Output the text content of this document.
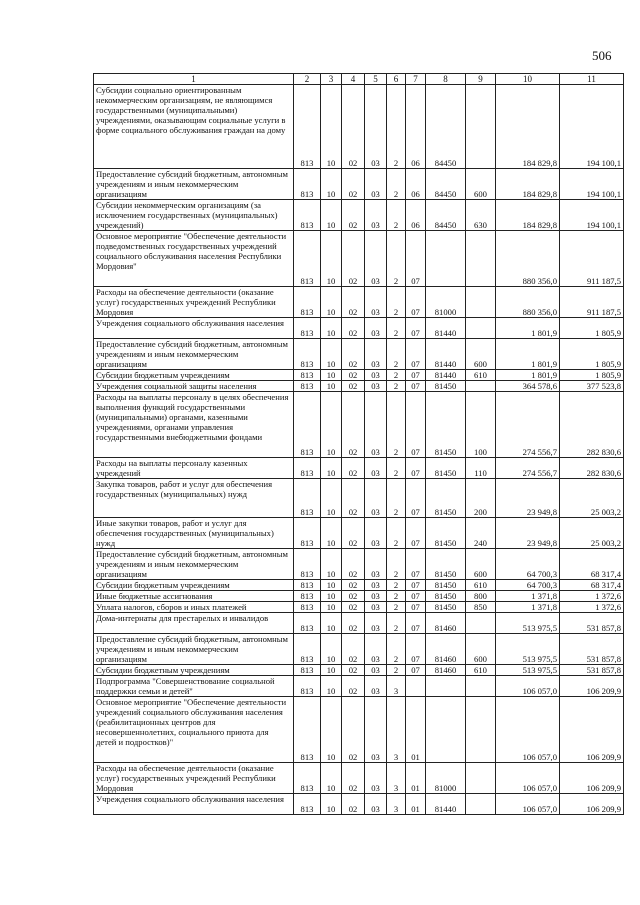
506
1	2	3	4	5	6	7	8	9	10	11
Субсидии социально ориентированным некоммерческим организациям, не являющимся государственными (муниципальными) учреждениями, оказывающим социальные услуги в форме социального обслуживания граждан на дому	813	10	02	03	2	06	84450		184 829,8	194 100,1
Предоставление субсидий бюджетным, автономным учреждениям и иным некоммерческим организациям	813	10	02	03	2	06	84450	600	184 829,8	194 100,1
Субсидии некоммерческим организациям (за исключением государственных (муниципальных) учреждений)	813	10	02	03	2	06	84450	630	184 829,8	194 100,1
Основное мероприятие "Обеспечение деятельности подведомственных государственных учреждений социального обслуживания населения Республики Мордовия"	813	10	02	03	2	07			880 356,0	911 187,5
Расходы на обеспечение деятельности (оказание услуг) государственных учреждений Республики Мордовия	813	10	02	03	2	07	81000		880 356,0	911 187,5
Учреждения социального обслуживания населения	813	10	02	03	2	07	81440		1 801,9	1 805,9
Предоставление субсидий бюджетным, автономным учреждениям и иным некоммерческим организациям	813	10	02	03	2	07	81440	600	1 801,9	1 805,9
Субсидии бюджетным учреждениям	813	10	02	03	2	07	81440	610	1 801,9	1 805,9
Учреждения социальной защиты населения	813	10	02	03	2	07	81450		364 578,6	377 523,8
Расходы на выплаты персоналу в целях обеспечения выполнения функций государственными (муниципальными) органами, казенными учреждениями, органами управления государственными внебюджетными фондами	813	10	02	03	2	07	81450	100	274 556,7	282 830,6
Расходы на выплаты персоналу казенных учреждений	813	10	02	03	2	07	81450	110	274 556,7	282 830,6
Закупка товаров, работ и услуг для обеспечения государственных (муниципальных) нужд	813	10	02	03	2	07	81450	200	23 949,8	25 003,2
Иные закупки товаров, работ и услуг для обеспечения государственных (муниципальных) нужд	813	10	02	03	2	07	81450	240	23 949,8	25 003,2
Предоставление субсидий бюджетным, автономным учреждениям и иным некоммерческим организациям	813	10	02	03	2	07	81450	600	64 700,3	68 317,4
Субсидии бюджетным учреждениям	813	10	02	03	2	07	81450	610	64 700,3	68 317,4
Иные бюджетные ассигнования	813	10	02	03	2	07	81450	800	1 371,8	1 372,6
Уплата налогов, сборов и иных платежей	813	10	02	03	2	07	81450	850	1 371,8	1 372,6
Дома-интернаты для престарелых и инвалидов	813	10	02	03	2	07	81460		513 975,5	531 857,8
Предоставление субсидий бюджетным, автономным учреждениям и иным некоммерческим организациям	813	10	02	03	2	07	81460	600	513 975,5	531 857,8
Субсидии бюджетным учреждениям	813	10	02	03	2	07	81460	610	513 975,5	531 857,8
Подпрограмма "Совершенствование социальной поддержки семьи и детей"	813	10	02	03	3				106 057,0	106 209,9
Основное мероприятие "Обеспечение деятельности учреждений социального обслуживания населения (реабилитационных центров для несовершеннолетних, социального приюта для детей и подростков)"	813	10	02	03	3	01			106 057,0	106 209,9
Расходы на обеспечение деятельности (оказание услуг) государственных учреждений Республики Мордовия	813	10	02	03	3	01	81000		106 057,0	106 209,9
Учреждения социального обслуживания населения	813	10	02	03	3	01	81440		106 057,0	106 209,9
